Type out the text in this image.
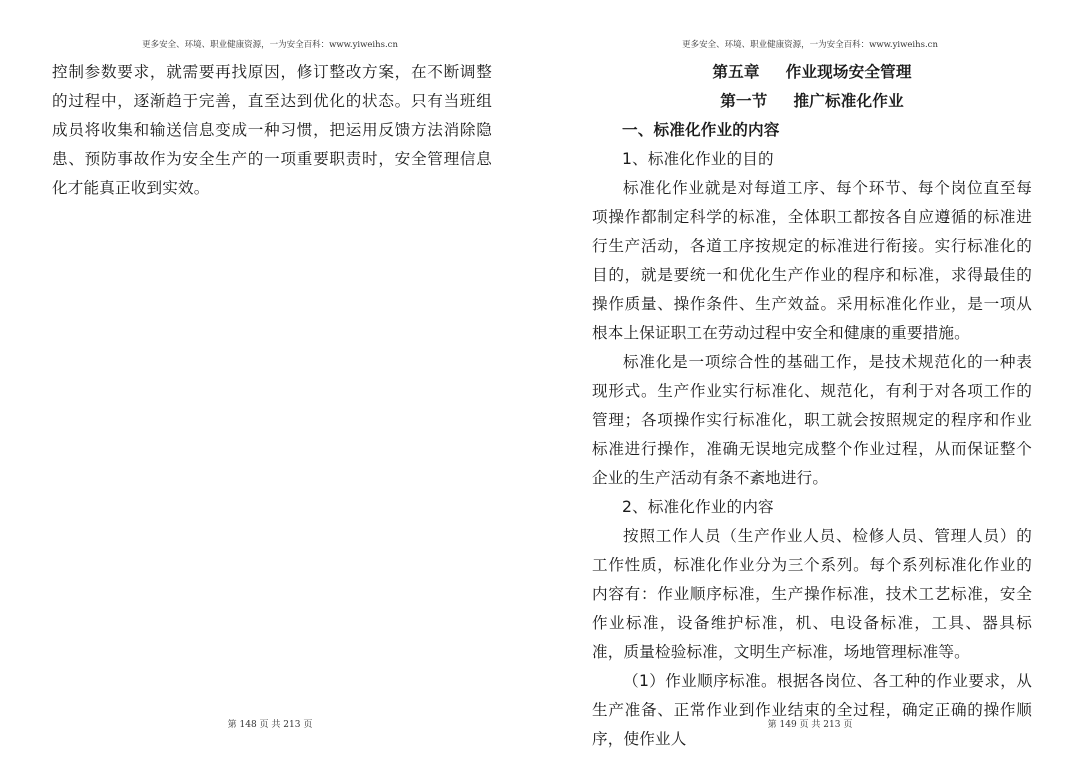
更多安全、环境、职业健康资源，一为安全百科：www.yiweihs.cn

控制参数要求，就需要再找原因，修订整改方案，在不断调整的过程中，逐渐趋于完善，直至达到优化的状态。只有当班组成员将收集和输送信息变成一种习惯，把运用反馈方法消除隐患、预防事故作为安全生产的一项重要职责时，安全管理信息化才能真正收到实效。

第 148 页 共 213 页
更多安全、环境、职业健康资源，一为安全百科：www.yiweihs.cn
第五章 作业现场安全管理
第一节 推广标准化作业
一、标准化作业的内容
1、标准化作业的目的

标准化作业就是对每道工序、每个环节、每个岗位直至每项操作都制定科学的标准，全体职工都按各自应遵循的标准进行生产活动，各道工序按规定的标准进行衔接。实行标准化的目的，就是要统一和优化生产作业的程序和标准，求得最佳的操作质量、操作条件、生产效益。采用标准化作业，是一项从根本上保证职工在劳动过程中安全和健康的重要措施。

标准化是一项综合性的基础工作，是技术规范化的一种表现形式。生产作业实行标准化、规范化，有利于对各项工作的管理；各项操作实行标准化，职工就会按照规定的程序和作业标准进行操作，准确无误地完成整个作业过程，从而保证整个企业的生产活动有条不紊地进行。

2、标准化作业的内容

按照工作人员（生产作业人员、检修人员、管理人员）的工作性质，标准化作业分为三个系列。每个系列标准化作业的内容有：作业顺序标准，生产操作标准，技术工艺标准，安全作业标准，设备维护标准，机、电设备标准，工具、器具标准，质量检验标准，文明生产标准，场地管理标准等。

（1）作业顺序标准。根据各岗位、各工种的作业要求，从生产准备、正常作业到作业结束的全过程，确定正确的操作顺序，使作业人

第 149 页 共 213 页
